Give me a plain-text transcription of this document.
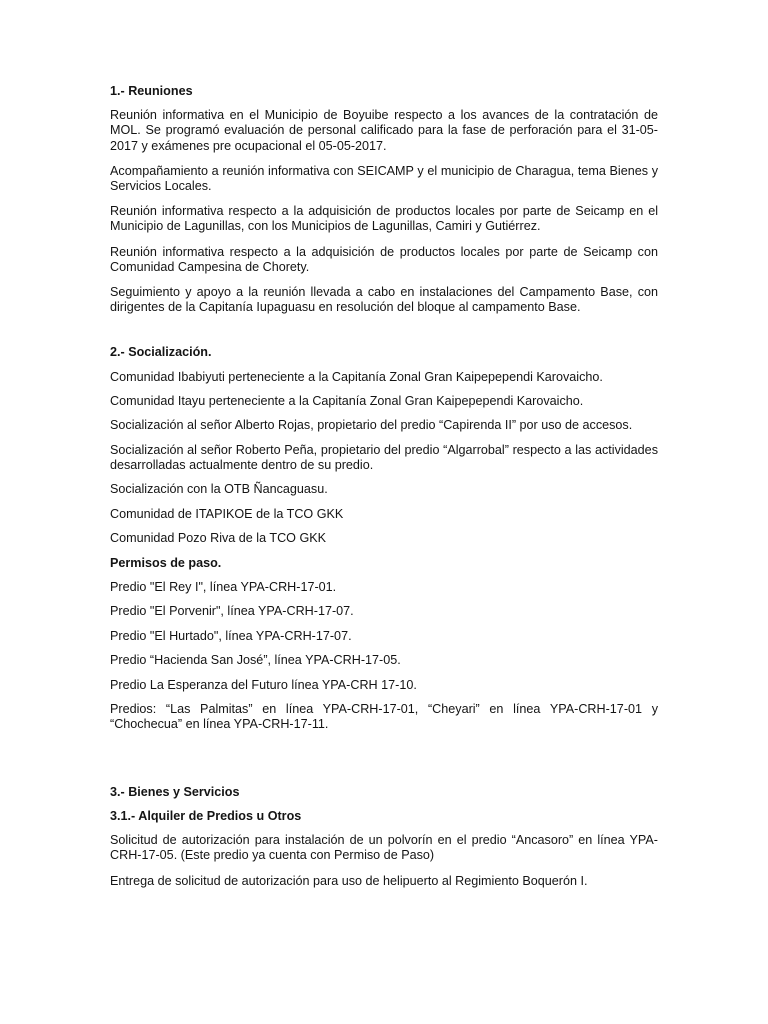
1.- Reuniones

Reunión informativa en el Municipio de Boyuibe respecto a los avances de la contratación de MOL. Se programó evaluación de personal calificado para la fase de perforación para el 31-05-2017 y exámenes pre ocupacional el 05-05-2017.

Acompañamiento a reunión informativa con SEICAMP y el municipio de Charagua, tema Bienes y Servicios Locales.

Reunión informativa respecto a la adquisición de productos locales por parte de Seicamp en el Municipio de Lagunillas, con los Municipios de Lagunillas, Camiri y Gutiérrez.

Reunión informativa respecto a la adquisición de productos locales por parte de Seicamp con Comunidad Campesina de Chorety.

Seguimiento y apoyo a la reunión llevada a cabo en instalaciones del Campamento Base, con dirigentes de la Capitanía Iupaguasu en resolución del bloque al campamento Base.

2.- Socialización.

Comunidad Ibabiyuti perteneciente a la Capitanía Zonal Gran Kaipepependi Karovaicho.

Comunidad Itayu perteneciente a la Capitanía Zonal Gran Kaipepependi Karovaicho.

Socialización al señor Alberto Rojas, propietario del predio “Capirenda II” por uso de accesos.

Socialización al señor Roberto Peña, propietario del predio “Algarrobal” respecto a las actividades desarrolladas actualmente dentro de su predio.

Socialización con la OTB Ñancaguasu.

Comunidad de ITAPIKOE de la TCO GKK

Comunidad Pozo Riva de la TCO GKK

Permisos de paso.

Predio "El Rey I", línea YPA-CRH-17-01.

Predio "El Porvenir", línea YPA-CRH-17-07.

Predio "El Hurtado", línea YPA-CRH-17-07.

Predio “Hacienda San José”, línea YPA-CRH-17-05.

Predio La Esperanza del Futuro línea YPA-CRH 17-10.

Predios: “Las Palmitas” en línea YPA-CRH-17-01, “Cheyari” en línea YPA-CRH-17-01 y “Chochecua” en línea YPA-CRH-17-11.

3.- Bienes y Servicios

3.1.- Alquiler de Predios u Otros

Solicitud de autorización para instalación de un polvorín en el predio “Ancasoro” en línea YPA-CRH-17-05. (Este predio ya cuenta con Permiso de Paso)

Entrega de solicitud de autorización para uso de helipuerto al Regimiento Boquerón I.
